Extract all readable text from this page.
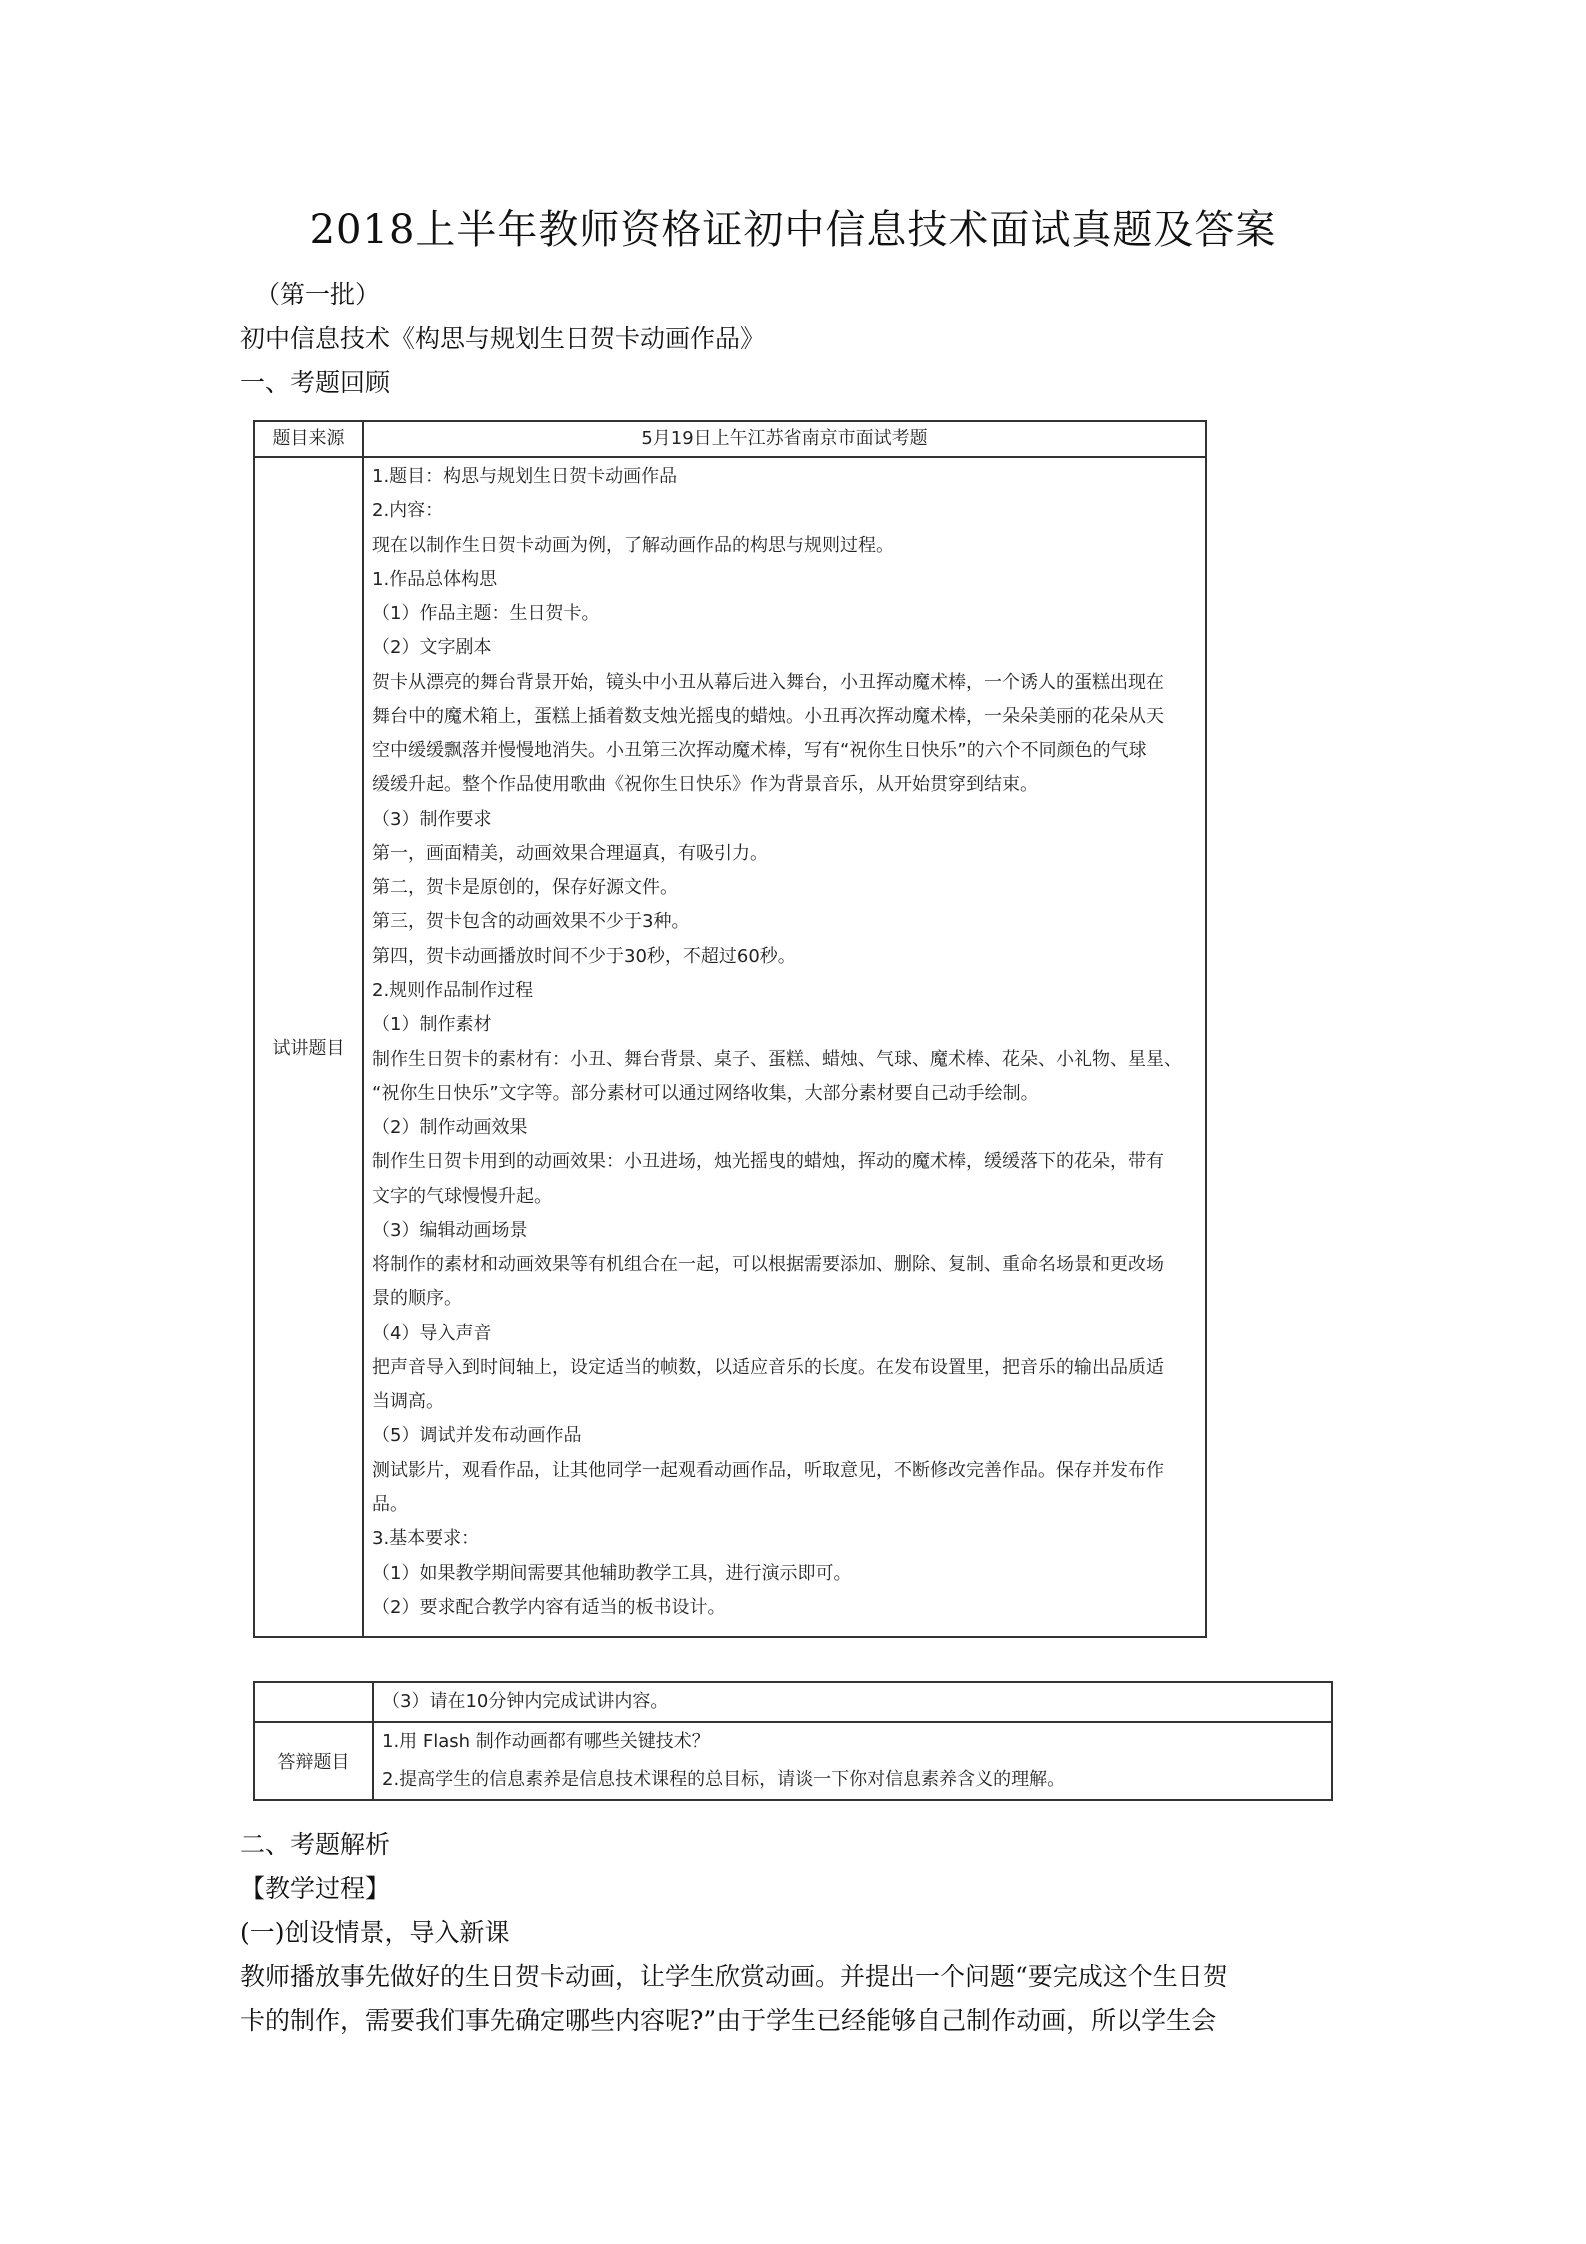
2018上半年教师资格证初中信息技术面试真题及答案
（第一批）
初中信息技术《构思与规划生日贺卡动画作品》
一、考题回顾
题目来源	5月19日上午江苏省南京市面试考题
试讲题目
1.题目：构思与规划生日贺卡动画作品
2.内容：
现在以制作生日贺卡动画为例，了解动画作品的构思与规则过程。
1.作品总体构思
（1）作品主题：生日贺卡。
（2）文字剧本
贺卡从漂亮的舞台背景开始，镜头中小丑从幕后进入舞台，小丑挥动魔术棒，一个诱人的蛋糕出现在
舞台中的魔术箱上，蛋糕上插着数支烛光摇曳的蜡烛。小丑再次挥动魔术棒，一朵朵美丽的花朵从天
空中缓缓飘落并慢慢地消失。小丑第三次挥动魔术棒，写有“祝你生日快乐”的六个不同颜色的气球
缓缓升起。整个作品使用歌曲《祝你生日快乐》作为背景音乐，从开始贯穿到结束。
（3）制作要求
第一，画面精美，动画效果合理逼真，有吸引力。
第二，贺卡是原创的，保存好源文件。
第三，贺卡包含的动画效果不少于3种。
第四，贺卡动画播放时间不少于30秒，不超过60秒。
2.规则作品制作过程
（1）制作素材
制作生日贺卡的素材有：小丑、舞台背景、桌子、蛋糕、蜡烛、气球、魔术棒、花朵、小礼物、星星、
“祝你生日快乐”文字等。部分素材可以通过网络收集，大部分素材要自己动手绘制。
（2）制作动画效果
制作生日贺卡用到的动画效果：小丑进场，烛光摇曳的蜡烛，挥动的魔术棒，缓缓落下的花朵，带有
文字的气球慢慢升起。
（3）编辑动画场景
将制作的素材和动画效果等有机组合在一起，可以根据需要添加、删除、复制、重命名场景和更改场
景的顺序。
（4）导入声音
把声音导入到时间轴上，设定适当的帧数，以适应音乐的长度。在发布设置里，把音乐的输出品质适
当调高。
（5）调试并发布动画作品
测试影片，观看作品，让其他同学一起观看动画作品，听取意见，不断修改完善作品。保存并发布作
品。
3.基本要求：
（1）如果教学期间需要其他辅助教学工具，进行演示即可。
（2）要求配合教学内容有适当的板书设计。
（3）请在10分钟内完成试讲内容。
答辩题目
1.用 Flash 制作动画都有哪些关键技术？
2.提高学生的信息素养是信息技术课程的总目标，请谈一下你对信息素养含义的理解。
二、考题解析
【教学过程】
(一)创设情景，导入新课
教师播放事先做好的生日贺卡动画，让学生欣赏动画。并提出一个问题“要完成这个生日贺
卡的制作，需要我们事先确定哪些内容呢?”由于学生已经能够自己制作动画，所以学生会
